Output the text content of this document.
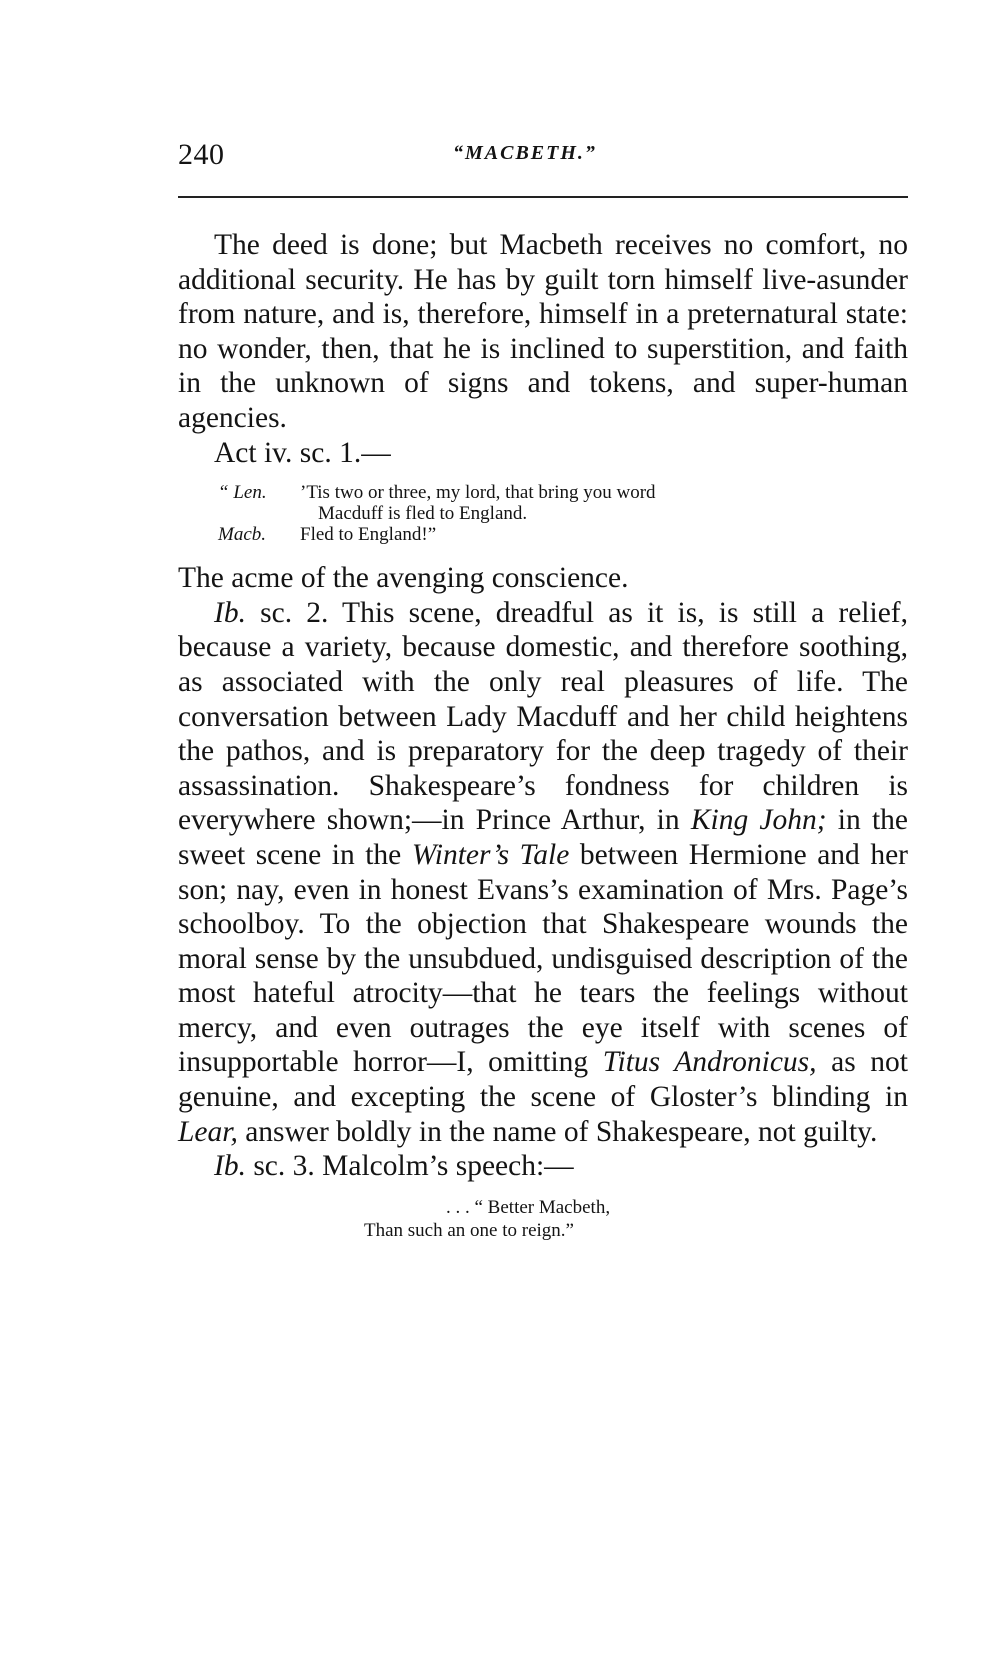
240	“MACBETH.”

The deed is done; but Macbeth receives no comfort, no additional security. He has by guilt torn himself live-asunder from nature, and is, therefore, himself in a preternatural state: no wonder, then, that he is inclined to superstition, and faith in the unknown of signs and tokens, and super-human agencies.

Act iv. sc. 1.—

“ Len. ’Tis two or three, my lord, that bring you word
Macduff is fled to England.
Macb. Fled to England!”

The acme of the avenging conscience.

Ib. sc. 2. This scene, dreadful as it is, is still a relief, because a variety, because domestic, and therefore soothing, as associated with the only real pleasures of life. The conversation between Lady Macduff and her child heightens the pathos, and is preparatory for the deep tragedy of their assassination. Shakespeare’s fondness for children is everywhere shown;—in Prince Arthur, in King John; in the sweet scene in the Winter’s Tale between Hermione and her son; nay, even in honest Evans’s examination of Mrs. Page’s schoolboy. To the objection that Shakespeare wounds the moral sense by the unsubdued, undisguised description of the most hateful atrocity—that he tears the feelings without mercy, and even outrages the eye itself with scenes of insupportable horror—I, omitting Titus Andronicus, as not genuine, and excepting the scene of Gloster’s blinding in Lear, answer boldly in the name of Shakespeare, not guilty.

Ib. sc. 3. Malcolm’s speech:—

. . . “ Better Macbeth,
Than such an one to reign.”
